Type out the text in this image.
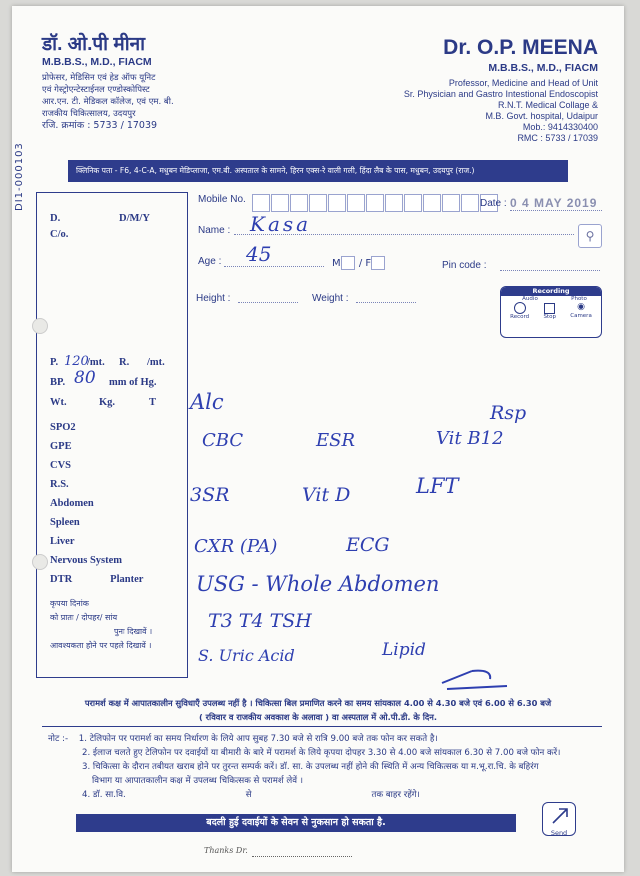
DI1-000103
डॉ. ओ.पी मीना
M.B.B.S., M.D., FIACM
प्रोफेसर, मेडिसिन एवं हेड ऑफ यूनिट
एवं गेस्ट्रोएन्टेस्टाईनल एण्डोस्कोपिस्ट
आर.एन. टी. मेडिकल कॉलेज, एवं एम. बी.
राजकीय चिकित्सालय, उदयपुर
रजि. क्रमांक : 5733 / 17039
Dr. O.P. MEENA
M.B.B.S., M.D., FIACM
Professor, Medicine and Head of Unit
Sr. Physician and Gastro Intestional Endoscopist
R.N.T. Medical Collage &
M.B. Govt. hospital, Udaipur
Mob.: 9414330400
RMC : 5733 / 17039
क्लिनिक पता - F6, 4-C-A, मधुबन मेडिप्लाजा, एम.बी. अस्पताल के सामने, हिरन एक्स-रे वाली गली, हिंदा लैब के पास, मधुबन, उदयपुर (राज.)
D.	D/M/Y
C/o.
P.	/mt. R. /mt.
BP.	mm of Hg.
Wt.	Kg.	T
SPO2
GPE
CVS
R.S.
Abdomen
Spleen
Liver
Nervous System
DTR	Planter
कृपया दिनांक
को प्रातः / दोपहर/ सांय
पुनः दिखावें ।
आवश्यकता होने पर पहले दिखावें ।
Mobile No.	Date : 0 4 MAY 2019
Name : Kasa	⚲
Age : 45	M / F	Pin code :
Height :	Weight :
Recording
Audio	Photo
Record	Stop
◉
Camera
120
80
Alc	Rsp
CBC	ESR	Vit B12
3SR	Vit D	LFT
CXR (PA)	ECG
USG - Whole Abdomen
T3 T4 TSH
S. Uric Acid	Lipid
परामर्श कक्ष में आपातकालीन सुविधाएँ उपलब्ध नहीं है । चिकित्सा बिल प्रमाणित करने का समय सांयकाल 4.00 से 4.30 बजे एवं 6.00 से 6.30 बजे
( रविवार व राजकीय अवकाश के अलावा ) वा अस्पताल में ओ.पी.डी. के दिन.
नोट :- 1. टेलिफोन पर परामर्श का समय निर्धारण के लिये आप सुबह 7.30 बजे से रात्रि 9.00 बजे तक फोन कर सकते है।
2. ईलाज चलते हुए टेलिफोन पर दवाईयों या बीमारी के बारे में परामर्श के लिये कृपया दोपहर 3.30 से 4.00 बजे सांयकाल 6.30 से 7.00 बजे फोन करें।
3. चिकित्सा के दौरान तबीयत खराब होने पर तुरन्त सम्पर्क करें। डॉ. सा. के उपलब्ध नहीं होने की स्थिति में अन्य चिकित्सक या म.भू.रा.चि. के बहिरंग
विभाग या आपातकालीन कक्ष में उपलब्ध चिकित्सक से परामर्श लेवें ।
4. डॉ. सा.वि.	से	तक बाहर रहेंगे।
बदली हुई दवाईयों के सेवन से नुकसान हो सकता है.
Send
Thanks Dr.
